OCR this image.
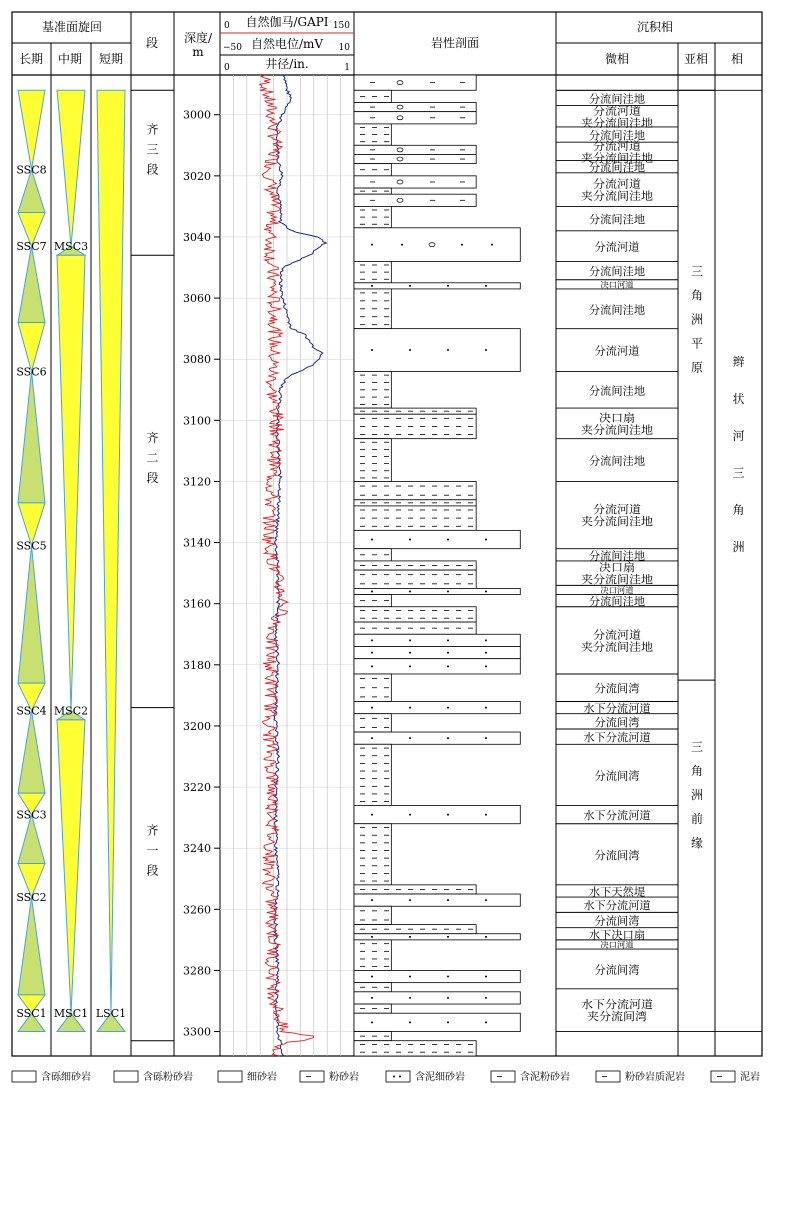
基准面旋回
长期 中期 短期
段 深度/
m
0 自然伽马/GAPI 150
−50 自然电位/mV 10
0	井径/in.	1
岩性剖面
沉积相
微相	亚相 相
SSC8
SSC7
SSC6
SSC5
SSC4
SSC3
SSC2
SSC1
MSC3
MSC2
MSC1 LSC1
齐三段
齐二段
齐一段
3000
3020
3040
3060
3080
3100
3120
3140
3160
3180
3200
3220
3240
3260
3280
3300
分流间洼地
分流河道
夹分流间洼地
分流间洼地
分流河道
夹分流间洼地
分流间洼地
分流河道
夹分流间洼地
分流间洼地
分流河道
分流间洼地
决口河道
分流间洼地
分流河道
分流间洼地
决口扇
夹分流间洼地
分流间洼地
分流河道
夹分流间洼地
分流间洼地
决口扇
夹分流间洼地
决口河道
分流间洼地
分流河道
夹分流间洼地
分流间湾
水下分流河道
分流间湾
水下分流河道
分流间湾
水下分流河道
分流间湾
水下天然堤
水下分流河道
分流间湾
水下决口扇
决口河道
分流间湾
水下分流河道
夹分流间湾
三角洲平原
三角洲前缘
辫状河三角洲
含砾细砂岩	含砾粉砂岩	细砂岩	粉砂岩	含泥细砂岩	含泥粉砂岩	粉砂岩质泥岩	泥岩
